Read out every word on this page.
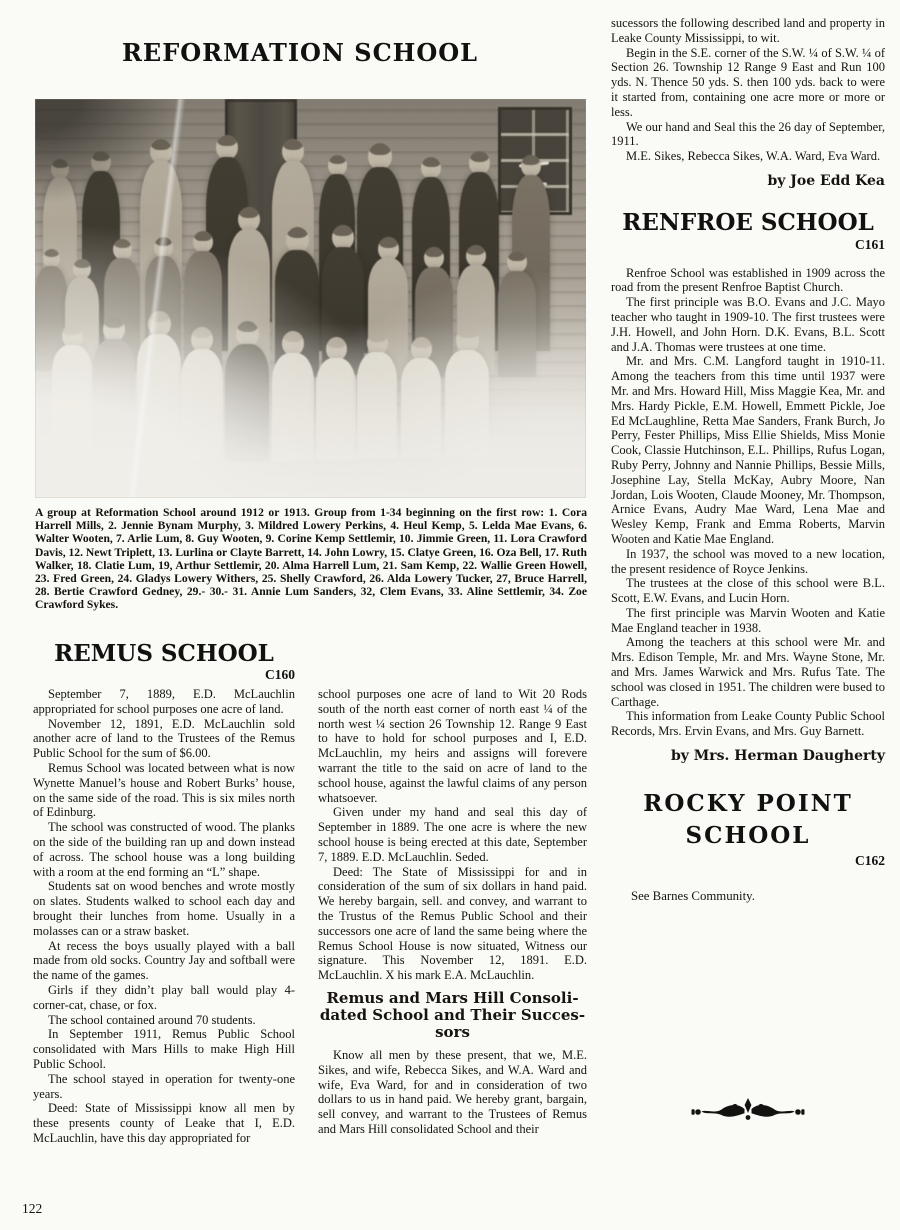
REFORMATION SCHOOL

A group at Reformation School around 1912 or 1913. Group from 1-34 beginning on the first row: 1. Cora Harrell Mills, 2. Jennie Bynam Murphy, 3. Mildred Lowery Perkins, 4. Heul Kemp, 5. Lelda Mae Evans, 6. Walter Wooten, 7. Arlie Lum, 8. Guy Wooten, 9. Corine Kemp Settlemir, 10. Jimmie Green, 11. Lora Crawford Davis, 12. Newt Triplett, 13. Lurlina or Clayte Barrett, 14. John Lowry, 15. Clatye Green, 16. Oza Bell, 17. Ruth Walker, 18. Clatie Lum, 19, Arthur Settlemir, 20. Alma Harrell Lum, 21. Sam Kemp, 22. Wallie Green Howell, 23. Fred Green, 24. Gladys Lowery Withers, 25. Shelly Crawford, 26. Alda Lowery Tucker, 27, Bruce Harrell, 28. Bertie Crawford Gedney, 29.- 30.- 31. Annie Lum Sanders, 32, Clem Evans, 33. Aline Settlemir, 34. Zoe Crawford Sykes.

REMUS SCHOOL
C160

September 7, 1889, E.D. McLauchlin appropriated for school purposes one acre of land.

November 12, 1891, E.D. McLauchlin sold another acre of land to the Trustees of the Remus Public School for the sum of $6.00.

Remus School was located between what is now Wynette Manuel’s house and Robert Burks’ house, on the same side of the road. This is six miles north of Edinburg.

The school was constructed of wood. The planks on the side of the building ran up and down instead of across. The school house was a long building with a room at the end forming an “L” shape.

Students sat on wood benches and wrote mostly on slates. Students walked to school each day and brought their lunches from home. Usually in a molasses can or a straw basket.

At recess the boys usually played with a ball made from old socks. Country Jay and softball were the name of the games.

Girls if they didn’t play ball would play 4-corner-cat, chase, or fox.

The school contained around 70 students.

In September 1911, Remus Public School consolidated with Mars Hills to make High Hill Public School.

The school stayed in operation for twenty-one years.

Deed: State of Mississippi know all men by these presents county of Leake that I, E.D. McLauchlin, have this day appropriated for

school purposes one acre of land to Wit 20 Rods south of the north east corner of north east ¼ of the north west ¼ section 26 Township 12. Range 9 East to have to hold for school purposes and I, E.D. McLauchlin, my heirs and assigns will forevere warrant the title to the said on acre of land to the school house, against the lawful claims of any person whatsoever.

Given under my hand and seal this day of September in 1889. The one acre is where the new school house is being erected at this date, September 7, 1889. E.D. McLauchlin. Seded.

Deed: The State of Mississippi for and in consideration of the sum of six dollars in hand paid. We hereby bargain, sell. and convey, and warrant to the Trustus of the Remus Public School and their successors one acre of land the same being where the Remus School House is now situated, Witness our signature. This November 12, 1891. E.D. McLauchlin. X his mark E.A. McLauchlin.

Remus and Mars Hill Consoli-

dated School and Their Succes-

sors

Know all men by these present, that we, M.E. Sikes, and wife, Rebecca Sikes, and W.A. Ward and wife, Eva Ward, for and in consideration of two dollars to us in hand paid. We hereby grant, bargain, sell convey, and warrant to the Trustees of Remus and Mars Hill consolidated School and their

sucessors the following described land and property in Leake County Mississippi, to wit.

Begin in the S.E. corner of the S.W. ¼ of S.W. ¼ of Section 26. Township 12 Range 9 East and Run 100 yds. N. Thence 50 yds. S. then 100 yds. back to were it started from, containing one acre more or more or less.

We our hand and Seal this the 26 day of September, 1911.

M.E. Sikes, Rebecca Sikes, W.A. Ward, Eva Ward.

by Joe Edd Kea
RENFROE SCHOOL
C161

Renfroe School was established in 1909 across the road from the present Renfroe Baptist Church.

The first principle was B.O. Evans and J.C. Mayo teacher who taught in 1909-10. The first trustees were J.H. Howell, and John Horn. D.K. Evans, B.L. Scott and J.A. Thomas were trustees at one time.

Mr. and Mrs. C.M. Langford taught in 1910-11. Among the teachers from this time until 1937 were Mr. and Mrs. Howard Hill, Miss Maggie Kea, Mr. and Mrs. Hardy Pickle, E.M. Howell, Emmett Pickle, Joe Ed McLaughline, Retta Mae Sanders, Frank Burch, Jo Perry, Fester Phillips, Miss Ellie Shields, Miss Monie Cook, Classie Hutchinson, E.L. Phillips, Rufus Logan, Ruby Perry, Johnny and Nannie Phillips, Bessie Mills, Josephine Lay, Stella McKay, Aubry Moore, Nan Jordan, Lois Wooten, Claude Mooney, Mr. Thompson, Arnice Evans, Audry Mae Ward, Lena Mae and Wesley Kemp, Frank and Emma Roberts, Marvin Wooten and Katie Mae England.

In 1937, the school was moved to a new location, the present residence of Royce Jenkins.

The trustees at the close of this school were B.L. Scott, E.W. Evans, and Lucin Horn.

The first principle was Marvin Wooten and Katie Mae England teacher in 1938.

Among the teachers at this school were Mr. and Mrs. Edison Temple, Mr. and Mrs. Wayne Stone, Mr. and Mrs. James Warwick and Mrs. Rufus Tate. The school was closed in 1951. The children were bused to Carthage.

This information from Leake County Public School Records, Mrs. Ervin Evans, and Mrs. Guy Barnett.

by Mrs. Herman Daugherty
ROCKY POINT
SCHOOL
C162

See Barnes Community.

122
